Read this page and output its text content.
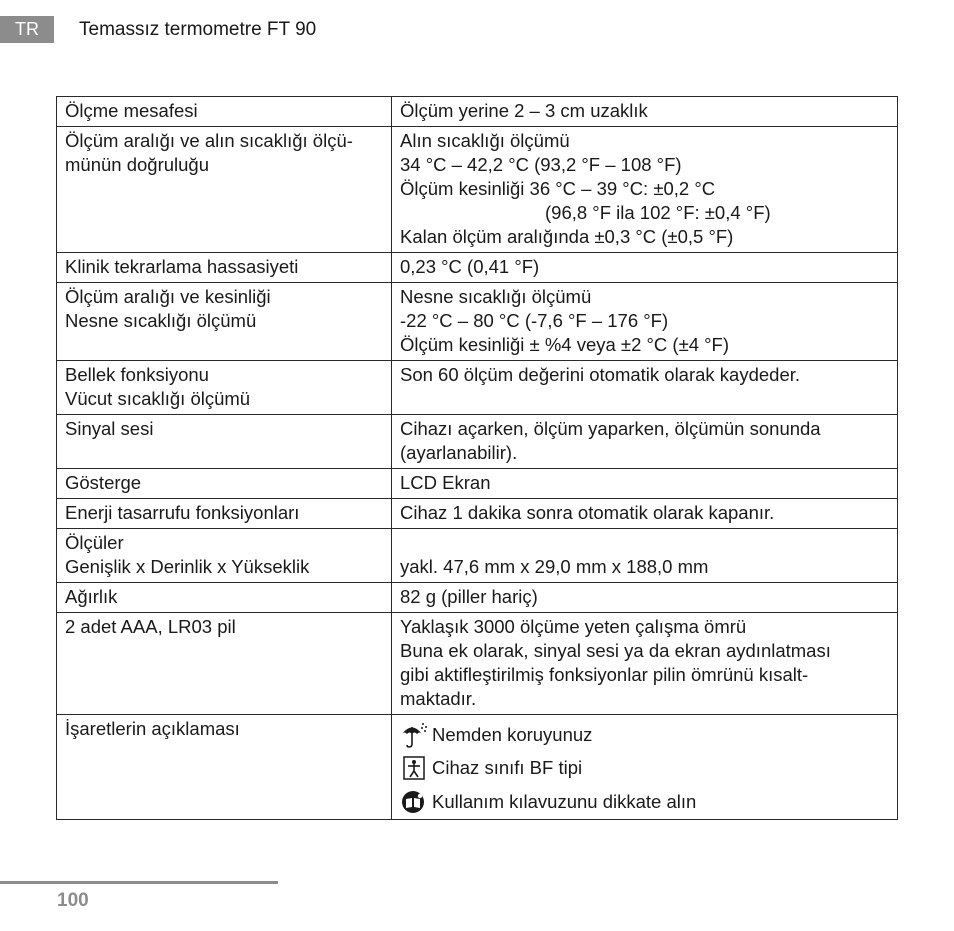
TR	Temassız termometre FT 90
Ölçme mesafesi	Ölçüm yerine 2 – 3 cm uzaklık

Ölçüm aralığı ve alın sıcaklığı ölçü-
münün doğruluğu	Alın sıcaklığı ölçümü
34 °C – 42,2 °C (93,2 °F – 108 °F)
Ölçüm kesinliği 36 °C – 39 °C: ±0,2 °C
(96,8 °F ila 102 °F: ±0,4 °F)
Kalan ölçüm aralığında ±0,3 °C (±0,5 °F)

Klinik tekrarlama hassasiyeti	0,23 °C (0,41 °F)

Ölçüm aralığı ve kesinliği
Nesne sıcaklığı ölçümü	Nesne sıcaklığı ölçümü
-22 °C – 80 °C (-7,6 °F – 176 °F)
Ölçüm kesinliği ± %4 veya ±2 °C (±4 °F)

Bellek fonksiyonu
Vücut sıcaklığı ölçümü	Son 60 ölçüm değerini otomatik olarak kaydeder.

Sinyal sesi	Cihazı açarken, ölçüm yaparken, ölçümün sonunda
(ayarlanabilir).

Gösterge	LCD Ekran

Enerji tasarrufu fonksiyonları	Cihaz 1 dakika sonra otomatik olarak kapanır.

Ölçüler
Genişlik x Derinlik x Yükseklik	yakl. 47,6 mm x 29,0 mm x 188,0 mm

Ağırlık	82 g (piller hariç)

2 adet AAA, LR03 pil	Yaklaşık 3000 ölçüme yeten çalışma ömrü
Buna ek olarak, sinyal sesi ya da ekran aydınlatması
gibi aktifleştirilmiş fonksiyonlar pilin ömrünü kısalt-
maktadır.

İşaretlerin açıklaması	Nemden koruyunuz
Cihaz sınıfı BF tipi
Kullanım kılavuzunu dikkate alın
100
